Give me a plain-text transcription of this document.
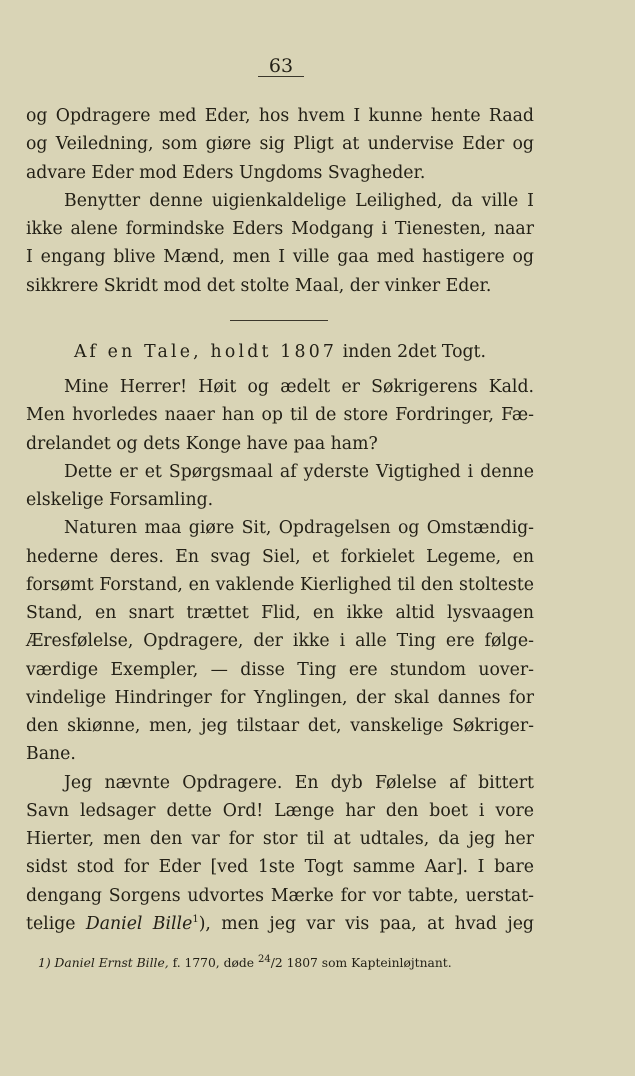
63
og Opdragere med Eder, hos hvem I kunne hente Raad
og Veiledning, som giøre sig Pligt at undervise Eder og
advare Eder mod Eders Ungdoms Svagheder.
Benytter denne uigienkaldelige Leilighed, da ville I
ikke alene formindske Eders Modgang i Tienesten, naar
I engang blive Mænd, men I ville gaa med hastigere og
sikkrere Skridt mod det stolte Maal, der vinker Eder.
Af en Tale, holdt 1807 inden 2det Togt.
Mine Herrer! Høit og ædelt er Søkrigerens Kald.
Men hvorledes naaer han op til de store Fordringer, Fæ-
drelandet og dets Konge have paa ham?
Dette er et Spørgsmaal af yderste Vigtighed i denne
elskelige Forsamling.
Naturen maa giøre Sit, Opdragelsen og Omstændig-
hederne deres. En svag Siel, et forkielet Legeme, en
forsømt Forstand, en vaklende Kierlighed til den stolteste
Stand, en snart trættet Flid, en ikke altid lysvaagen
Æresfølelse, Opdragere, der ikke i alle Ting ere følge-
værdige Exempler, — disse Ting ere stundom uover-
vindelige Hindringer for Ynglingen, der skal dannes for
den skiønne, men, jeg tilstaar det, vanskelige Søkriger-
Bane.
Jeg nævnte Opdragere. En dyb Følelse af bittert
Savn ledsager dette Ord! Længe har den boet i vore
Hierter, men den var for stor til at udtales, da jeg her
sidst stod for Eder [ved 1ste Togt samme Aar]. I bare
dengang Sorgens udvortes Mærke for vor tabte, uerstat-
telige Daniel Bille$^1$), men jeg var vis paa, at hvad jeg
1) Daniel Ernst Bille, f. 1770, døde $^{24}$/2 1807 som Kapteinløjtnant.
